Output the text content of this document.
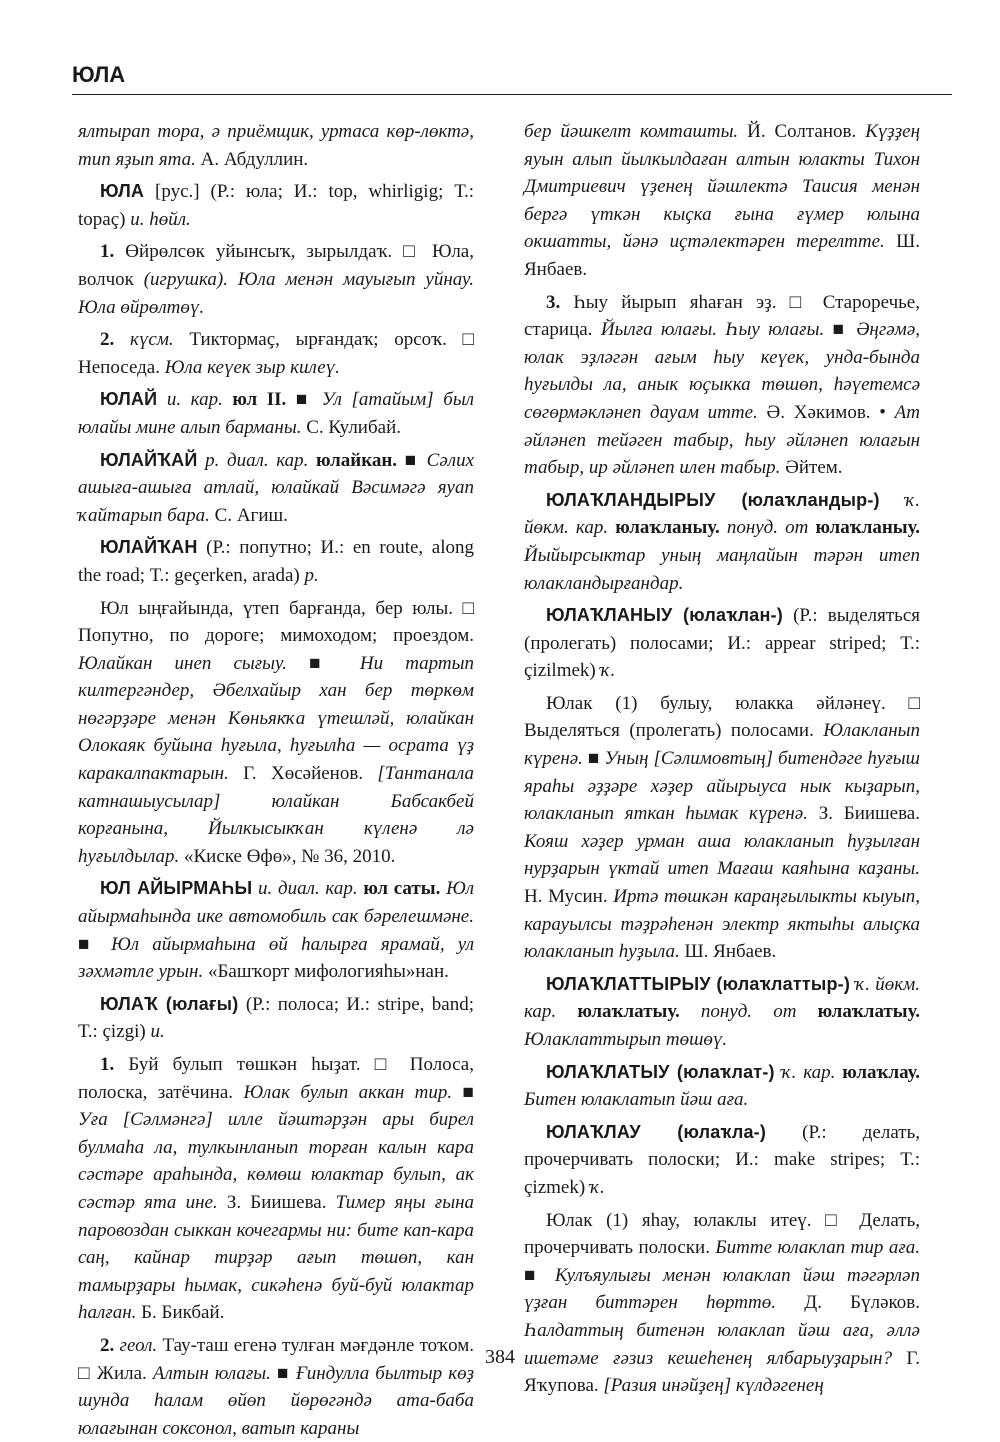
ЮЛА

ялтырап тора, ә приёмщик, уртаса көр-лөктә, тип яҙып ята. А. Абдуллин.

ЮЛА [рус.] (Р.: юла; И.: top, whirligig; Т.: topaç) и. һөйл.

1. Өйрөлсөк уйынсыҡ, зырылдаҡ. □ Юла, волчок (игрушка). Юла менән мауығып уйнау. Юла өйрөлтөү.

2. күсм. Тиктормаҫ, ырғандаҡ; орсоҡ. □ Непоседа. Юла кеүек зыр килеү.

ЮЛАЙ и. кар. юл II. ■ Ул [атайым] был юлайы мине алып барманы. С. Кулибай.

ЮЛАЙҠАЙ р. диал. кар. юлайкан. ■ Сәлих ашыға-ашыға атлай, юлайкай Вәсимәгә яуап ҡайтарып бара. С. Агиш.

ЮЛАЙҠАН (Р.: попутно; И.: en route, along the road; Т.: geçerken, arada) р.

Юл ыңғайында, үтеп барғанда, бер юлы. □ Попутно, по дороге; мимоходом; проездом. Юлайкан инеп сығыу. ■ Ни тартып килтергәндер, Әбелхайыр хан бер төркөм нөгәрҙәре менән Көньякҡа үтешләй, юлайкан Олокаяк буйына һуғыла, һуғылһа — осрата үҙ каракалпактарын. Г. Хөсәйенов. [Тантанала катнашыусылар] юлайкан Бабсакбей корғанына, Йылкысыкҡан күленә лә һуғылдылар. «Киске Өфө», № 36, 2010.

ЮЛ АЙЫРМАҺЫ и. диал. кар. юл саты. Юл айырмаһында ике автомобиль сак бәрелешмәне. ■ Юл айырмаһына өй һалырға ярамай, ул зәхмәтле урын. «Башҡорт мифологияһы»нан.

ЮЛАҠ (юлағы) (Р.: полоса; И.: stripe, band; Т.: çizgi) и.

1. Буй булып төшкән һыҙат. □ Полоса, полоска, затёчина. Юлак булып аккан тир. ■ Уға [Сәлмәнгә] илле йәштәрҙән ары бирел булмаһа ла, тулкынланып торған калын кара сәстәре араһында, көмөш юлактар булып, ак сәстәр ята ине. З. Биишева. Тимер яңы ғына паровоздан сыккан кочегармы ни: бите кап-кара саң, кайнар тирҙәр ағып төшөп, кан тамырҙары һымак, сикәһенә буй-буй юлактар һалған. Б. Бикбай.

2. геол. Тау-таш егенә тулған мәғдәнле тоҡом. □ Жила. Алтын юлағы. ■ Ғиндулла былтыр көҙ шунда һалам өйөп йөрөгәндә ата-баба юлағынан соксонол, ватып караны

бер йәшкелт комташты. Й. Солтанов. Күҙҙең яуын алып йылкылдаған алтын юлакты Тихон Дмитриевич үҙенең йәшлектә Таисия менән бергә үткән кыҫка ғына ғүмер юлына окшатты, йәнә иҫтәлектәрен терелтте. Ш. Янбаев.

3. Һыу йырып яһаған эҙ. □ Староречье, старица. Йылға юлағы. Һыу юлағы. ■ Әңгәмә, юлак эҙләгән ағым һыу кеүек, унда-бында һуғылды ла, анык юҫыкка төшөп, һәүетемсә сөгөрмәкләнеп дауам итте. Ә. Хәкимов. • Ат әйләнеп тейәген табыр, һыу әйләнеп юлағын табыр, ир әйләнеп илен табыр. Әйтем.

ЮЛАҠЛАНДЫРЫУ (юлаҡландыр-) ҡ. йөкм. кар. юлаҡланыу. понуд. от юлаҡланыу. Йыйырсыктар уның маңлайын тәрән итеп юлакландырғандар.

ЮЛАҠЛАНЫУ (юлаҡлан-) (Р.: выделяться (пролегать) полосами; И.: appear striped; Т.: çizilmek) ҡ.

Юлак (1) булыу, юлакка әйләнеү. □ Выделяться (пролегать) полосами. Юлакланып күренә. ■ Уның [Сәлимовтың] битендәге һуғыш яраһы әҙҙәре хәҙер айырыуса нык кыҙарып, юлакланып яткан һымак күренә. З. Биишева. Кояш хәҙер урман аша юлакланып һуҙылған нурҙарын үктай итеп Мағаш каяһына каҙаны. Н. Мусин. Иртә төшкән караңғылыкты кыуып, карауылсы тәҙрәһенән электр яктыһы алыҫка юлакланып һуҙыла. Ш. Янбаев.

ЮЛАҠЛАТТЫРЫУ (юлаҡлаттыр-) ҡ. йөкм. кар. юлаҡлатыу. понуд. от юлаҡлатыу. Юлаклаттырып төшөү.

ЮЛАҠЛАТЫУ (юлаҡлат-) ҡ. кар. юлаҡлау. Битен юлаклатып йәш аға.

ЮЛАҠЛАУ (юлаҡла-) (Р.: делать, прочерчивать полоски; И.: make stripes; Т.: çizmek) ҡ.

Юлак (1) яһау, юлаклы итеү. □ Делать, прочерчивать полоски. Битте юлаклап тир аға. ■ Кулъяулығы менән юлаклап йәш тәгәрләп үҙған биттәрен һөрттө. Д. Бүләков. Һалдаттың битенән юлаклап йәш аға, әллә ишетәме ғәзиз кешеһенең ялбарыуҙарын? Г. Яҡупова. [Разия инәйҙең] күлдәгенең

384
